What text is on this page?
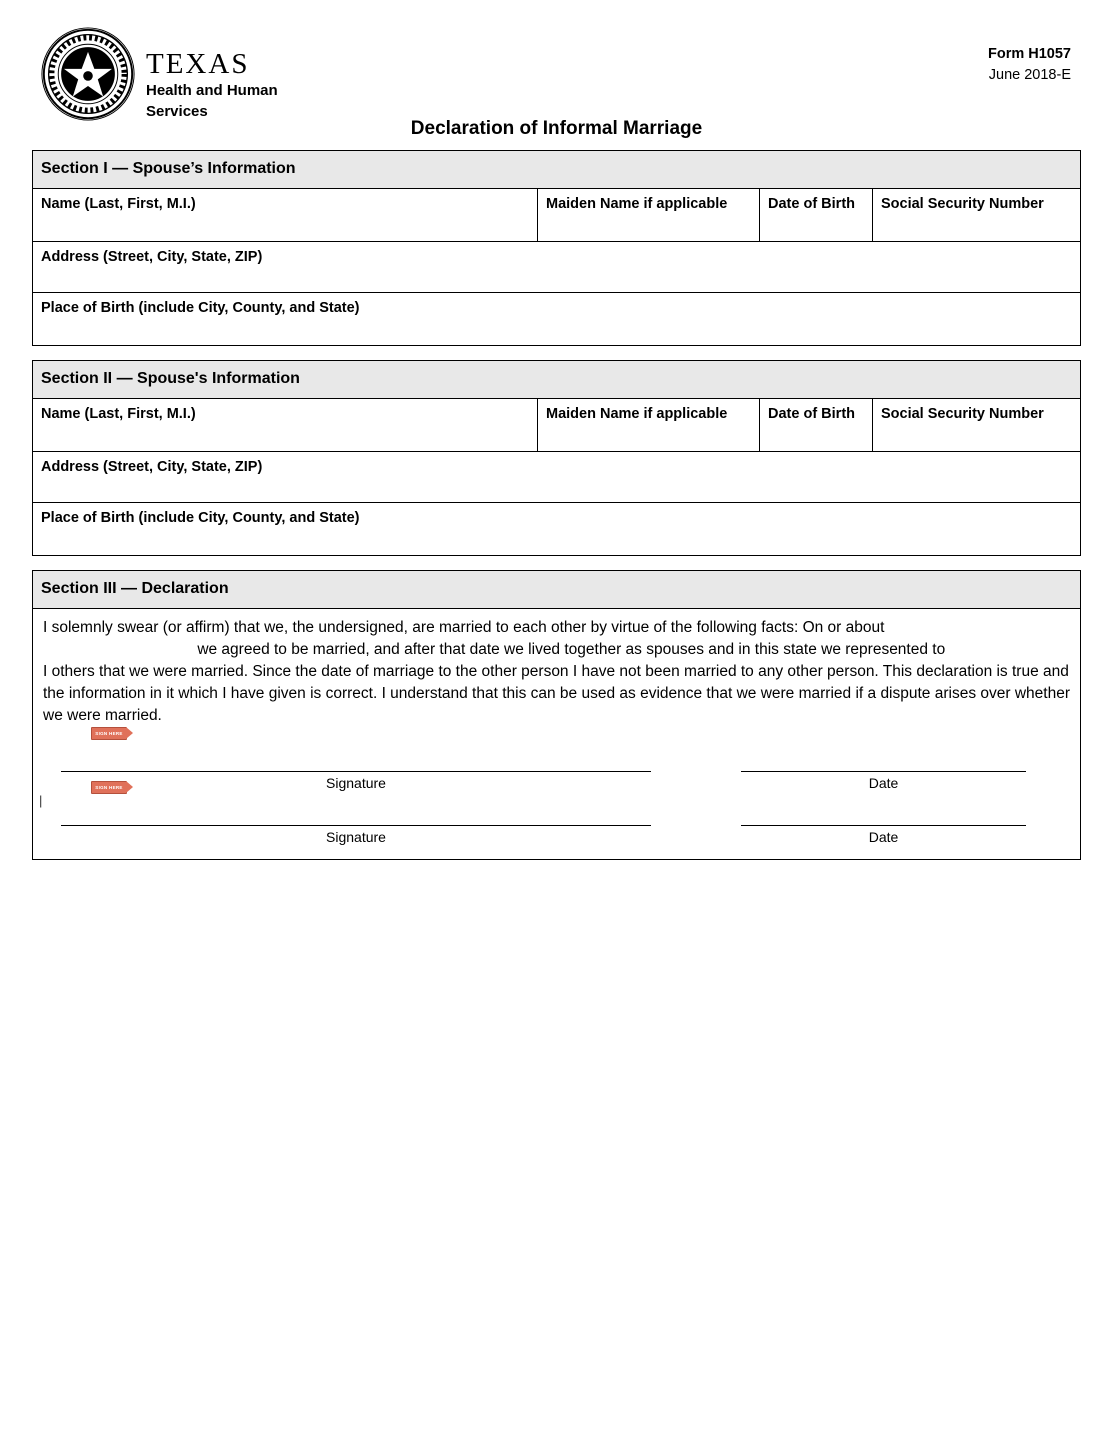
TEXAS
Health and Human
Services
Form H1057
June 2018-E
Declaration of Informal Marriage
Section I — Spouse’s Information
Name (Last, First, M.I.)	Maiden Name if applicable	Date of Birth	Social Security Number
Address (Street, City, State, ZIP)
Place of Birth (include City, County, and State)
Section II — Spouse's Information
Name (Last, First, M.I.)	Maiden Name if applicable	Date of Birth	Social Security Number
Address (Street, City, State, ZIP)
Place of Birth (include City, County, and State)
Section III — Declaration

I solemnly swear (or affirm) that we, the undersigned, are married to each other by virtue of the following facts: On or about

we agreed to be married, and after that date we lived together as spouses and in this state we represented to

I others that we were married. Since the date of marriage to the other person I have not been married to any other person. This declaration is true and the information in it which I have given is correct. I understand that this can be used as evidence that we were married if a dispute arises over whether we were married.

SIGN HERE
Signature	Date
|
SIGN HERE
Signature	Date
